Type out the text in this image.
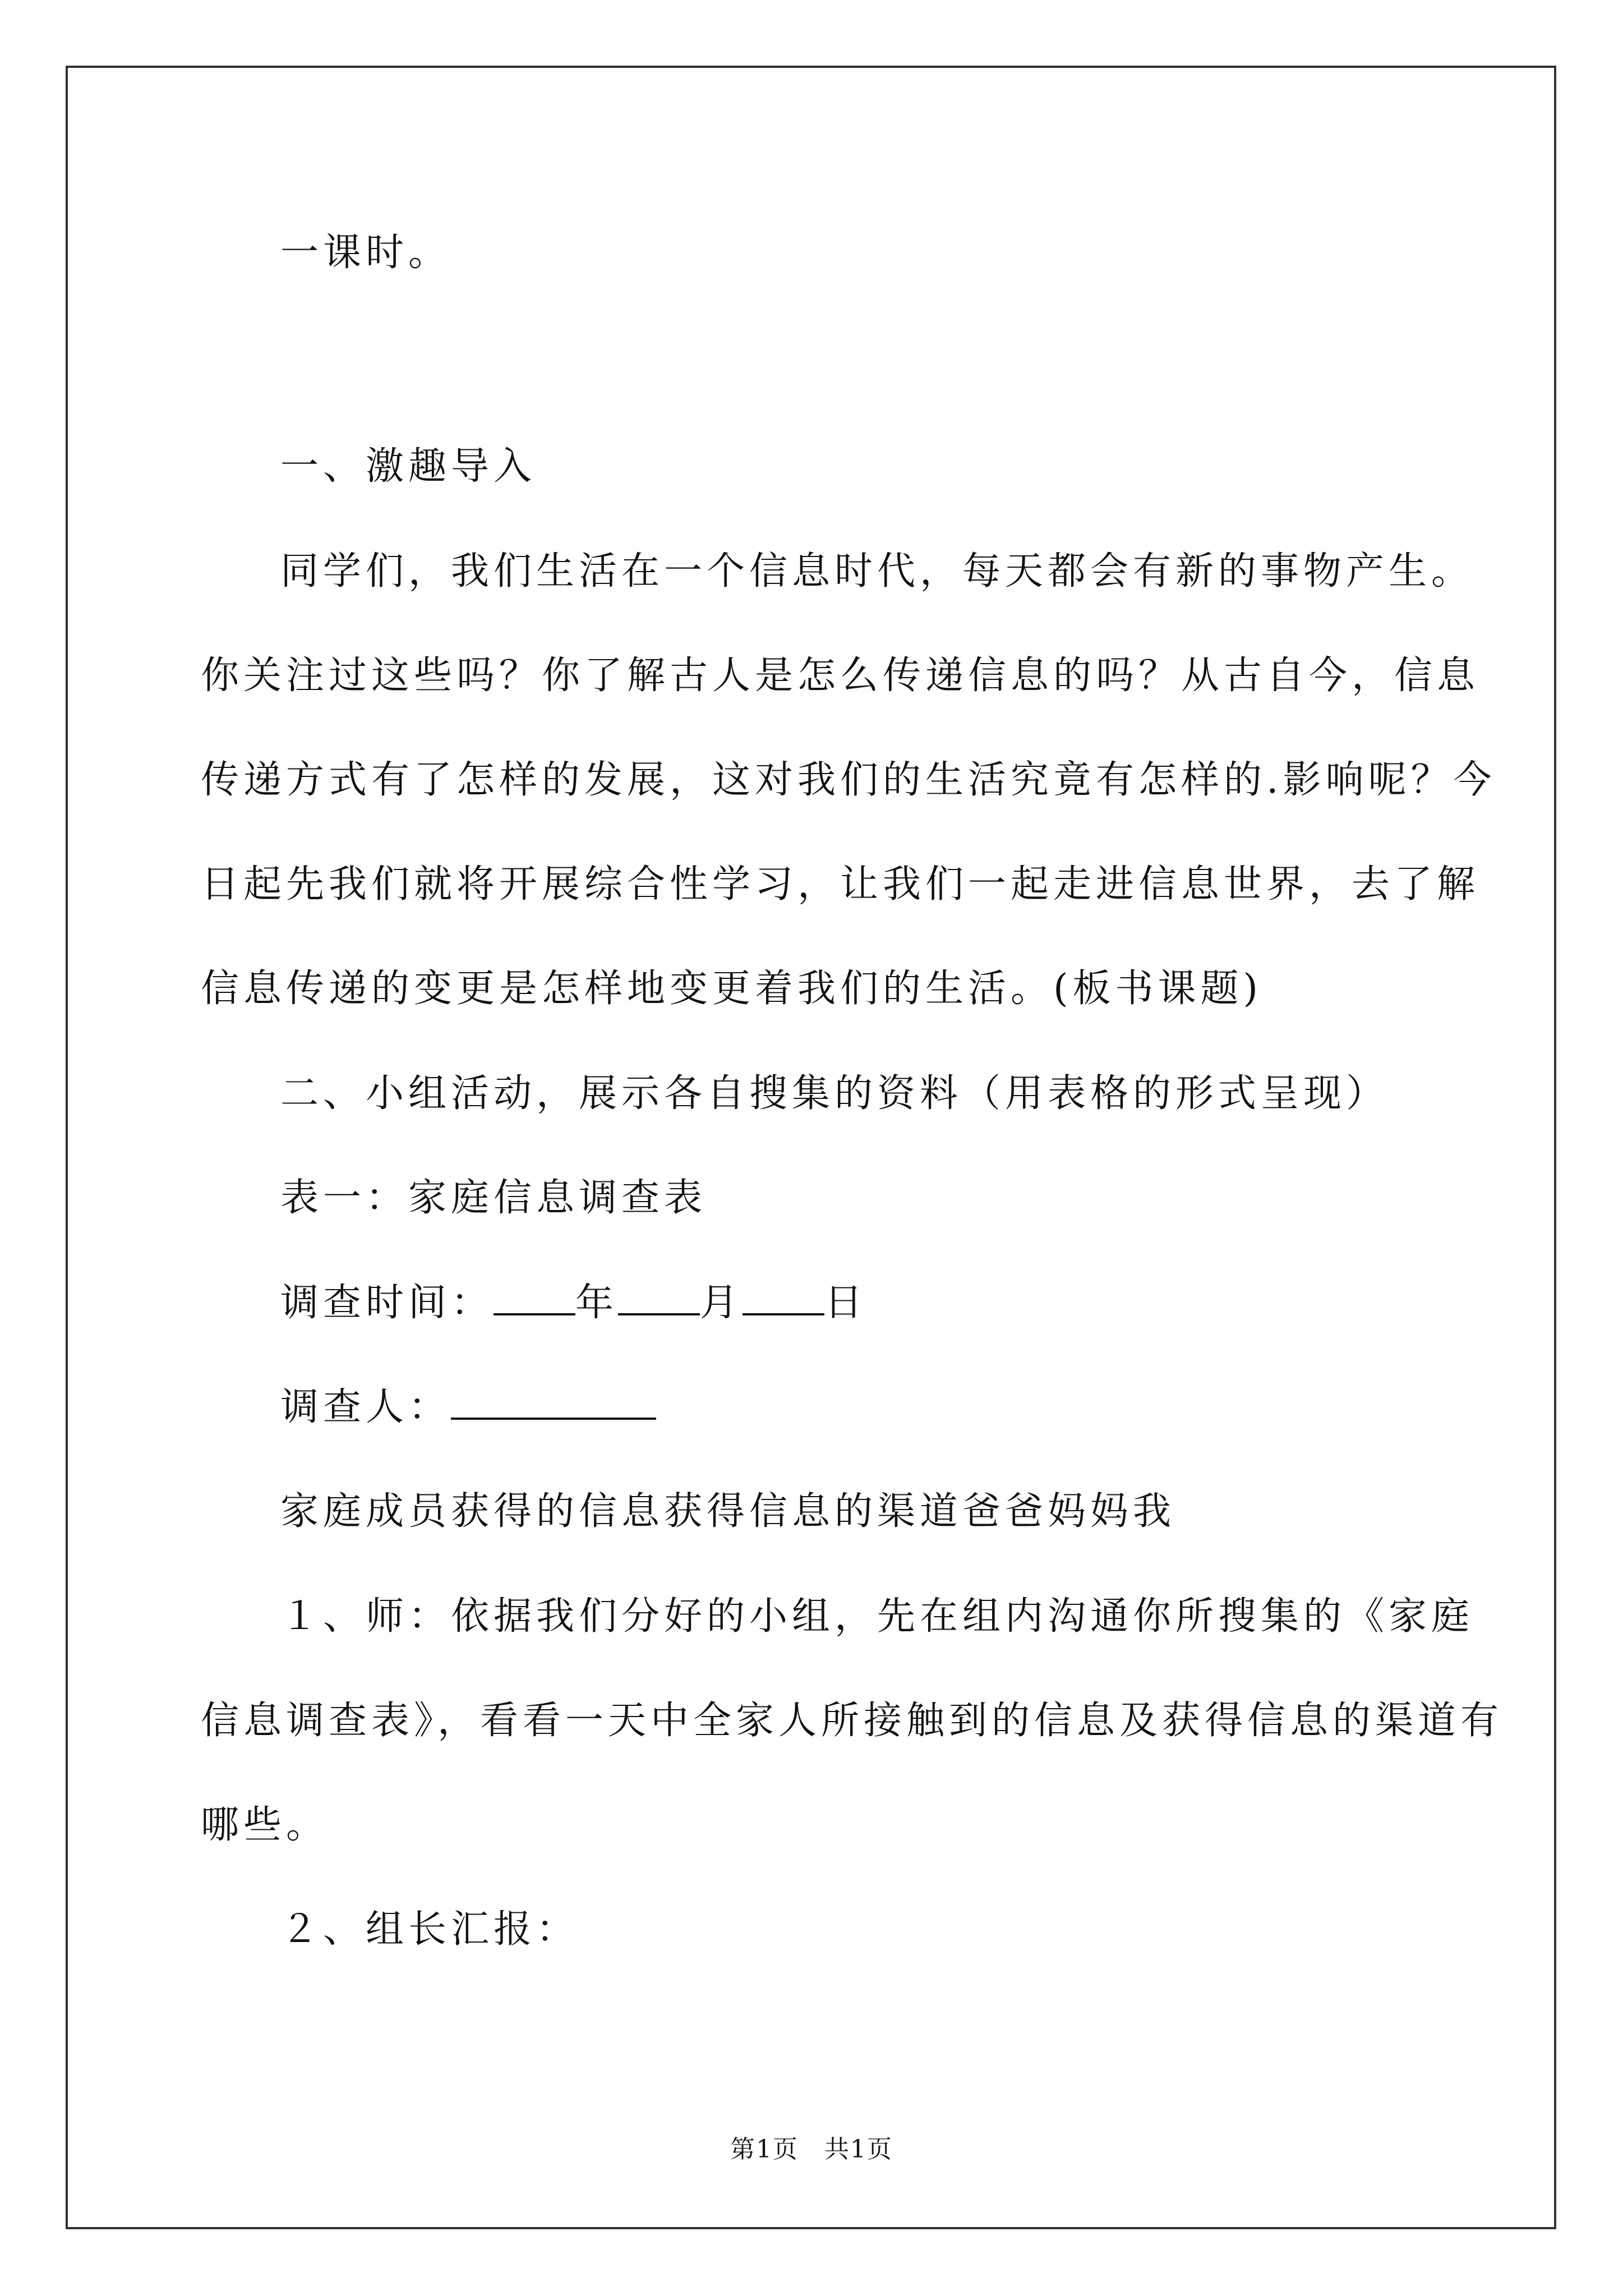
一课时。
一、激趣导入
同学们，我们生活在一个信息时代，每天都会有新的事物产生。
你关注过这些吗？你了解古人是怎么传递信息的吗？从古自今，信息
传递方式有了怎样的发展，这对我们的生活究竟有怎样的.影响呢？今
日起先我们就将开展综合性学习，让我们一起走进信息世界，去了解
信息传递的变更是怎样地变更着我们的生活。(板书课题)
二、小组活动，展示各自搜集的资料（用表格的形式呈现）
表一：家庭信息调查表
调查时间： 年 月 日
调查人：
家庭成员获得的信息获得信息的渠道爸爸妈妈我
１、师：依据我们分好的小组，先在组内沟通你所搜集的《家庭
信息调查表》，看看一天中全家人所接触到的信息及获得信息的渠道有
哪些。
２、组长汇报：
第1页　共1页
